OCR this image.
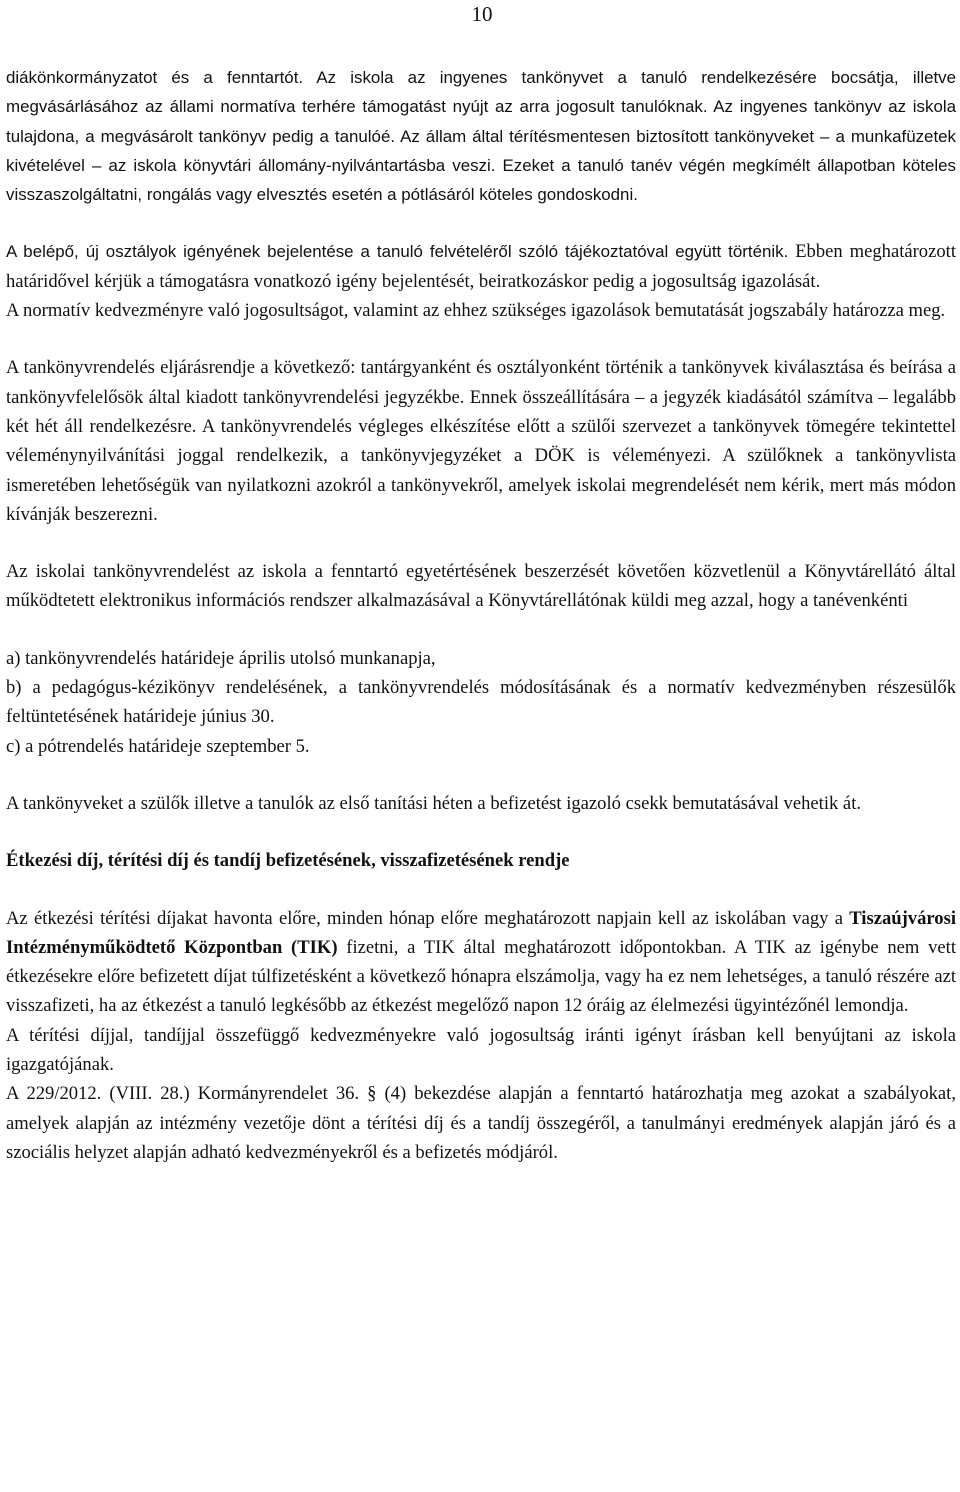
10

diákönkormányzatot és a fenntartót. Az iskola az ingyenes tankönyvet a tanuló rendelkezésére bocsátja, illetve megvásárlásához az állami normatíva terhére támogatást nyújt az arra jogosult tanulóknak. Az ingyenes tankönyv az iskola tulajdona, a megvásárolt tankönyv pedig a tanulóé. Az állam által térítésmentesen biztosított tankönyveket – a munkafüzetek kivételével – az iskola könyvtári állomány-nyilvántartásba veszi. Ezeket a tanuló tanév végén megkímélt állapotban köteles visszaszolgáltatni, rongálás vagy elvesztés esetén a pótlásáról köteles gondoskodni.

A belépő, új osztályok igényének bejelentése a tanuló felvételéről szóló tájékoztatóval együtt történik. Ebben meghatározott határidővel kérjük a támogatásra vonatkozó igény bejelentését, beiratkozáskor pedig a jogosultság igazolását.

A normatív kedvezményre való jogosultságot, valamint az ehhez szükséges igazolások bemutatását jogszabály határozza meg.

A tankönyvrendelés eljárásrendje a következő: tantárgyanként és osztályonként történik a tankönyvek kiválasztása és beírása a tankönyvfelelősök által kiadott tankönyvrendelési jegyzékbe. Ennek összeállítására – a jegyzék kiadásától számítva – legalább két hét áll rendelkezésre. A tankönyvrendelés végleges elkészítése előtt a szülői szervezet a tankönyvek tömegére tekintettel véleménynyilvánítási joggal rendelkezik, a tankönyvjegyzéket a DÖK is véleményezi. A szülőknek a tankönyvlista ismeretében lehetőségük van nyilatkozni azokról a tankönyvekről, amelyek iskolai megrendelését nem kérik, mert más módon kívánják beszerezni.

Az iskolai tankönyvrendelést az iskola a fenntartó egyetértésének beszerzését követően közvetlenül a Könyvtárellátó által működtetett elektronikus információs rendszer alkalmazásával a Könyvtárellátónak küldi meg azzal, hogy a tanévenkénti

a) tankönyvrendelés határideje április utolsó munkanapja,

b) a pedagógus-kézikönyv rendelésének, a tankönyvrendelés módosításának és a normatív kedvezményben részesülők feltüntetésének határideje június 30.

c) a pótrendelés határideje szeptember 5.

A tankönyveket a szülők illetve a tanulók az első tanítási héten a befizetést igazoló csekk bemutatásával vehetik át.

Étkezési díj, térítési díj és tandíj befizetésének, visszafizetésének rendje

Az étkezési térítési díjakat havonta előre, minden hónap előre meghatározott napjain kell az iskolában vagy a Tiszaújvárosi Intézményműködtető Központban (TIK) fizetni, a TIK által meghatározott időpontokban. A TIK az igénybe nem vett étkezésekre előre befizetett díjat túlfizetésként a következő hónapra elszámolja, vagy ha ez nem lehetséges, a tanuló részére azt visszafizeti, ha az étkezést a tanuló legkésőbb az étkezést megelőző napon 12 óráig az élelmezési ügyintézőnél lemondja.

A térítési díjjal, tandíjjal összefüggő kedvezményekre való jogosultság iránti igényt írásban kell benyújtani az iskola igazgatójának.

A 229/2012. (VIII. 28.) Kormányrendelet 36. § (4) bekezdése alapján a fenntartó határozhatja meg azokat a szabályokat, amelyek alapján az intézmény vezetője dönt a térítési díj és a tandíj összegéről, a tanulmányi eredmények alapján járó és a szociális helyzet alapján adható kedvezményekről és a befizetés módjáról.
